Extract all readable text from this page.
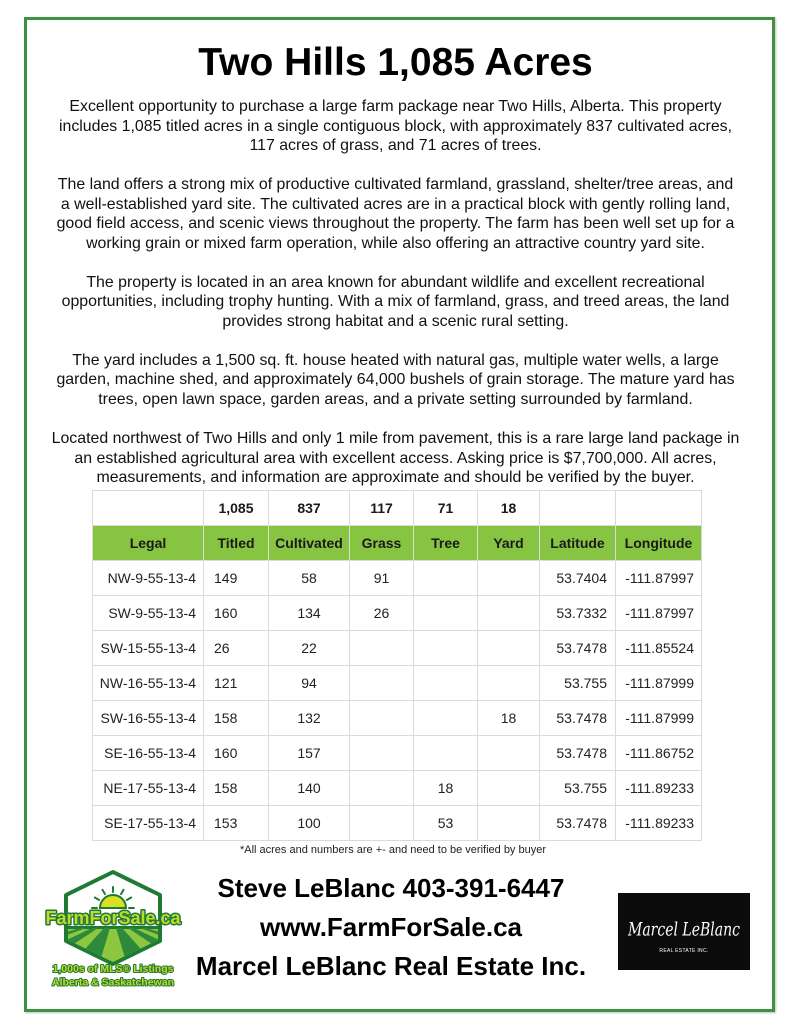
Two Hills 1,085 Acres
Excellent opportunity to purchase a large farm package near Two Hills, Alberta. This property
includes 1,085 titled acres in a single contiguous block, with approximately 837 cultivated acres,
117 acres of grass, and 71 acres of trees.
The land offers a strong mix of productive cultivated farmland, grassland, shelter/tree areas, and
a well-established yard site. The cultivated acres are in a practical block with gently rolling land,
good field access, and scenic views throughout the property. The farm has been well set up for a
working grain or mixed farm operation, while also offering an attractive country yard site.
The property is located in an area known for abundant wildlife and excellent recreational
opportunities, including trophy hunting. With a mix of farmland, grass, and treed areas, the land
provides strong habitat and a scenic rural setting.
The yard includes a 1,500 sq. ft. house heated with natural gas, multiple water wells, a large
garden, machine shed, and approximately 64,000 bushels of grain storage. The mature yard has
trees, open lawn space, garden areas, and a private setting surrounded by farmland.
Located northwest of Two Hills and only 1 mile from pavement, this is a rare large land package in
an established agricultural area with excellent access. Asking price is $7,700,000. All acres,
measurements, and information are approximate and should be verified by the buyer.
	1,085	837	117	71	18		
Legal	Titled	Cultivated	Grass	Tree	Yard	Latitude	Longitude
NW-9-55-13-4	149	58	91			53.7404	-111.87997
SW-9-55-13-4	160	134	26			53.7332	-111.87997
SW-15-55-13-4	26	22				53.7478	-111.85524
NW-16-55-13-4	121	94				53.755	-111.87999
SW-16-55-13-4	158	132			18	53.7478	-111.87999
SE-16-55-13-4	160	157				53.7478	-111.86752
NE-17-55-13-4	158	140		18		53.755	-111.89233
SE-17-55-13-4	153	100		53		53.7478	-111.89233
*All acres and numbers are +- and need to be verified by buyer
FarmForSale.ca
1,000s of MLS® Listings
Alberta & Saskatchewan
Steve LeBlanc 403-391-6447
www.FarmForSale.ca
Marcel LeBlanc Real Estate Inc.
Marcel LeBlanc
REAL ESTATE INC.
